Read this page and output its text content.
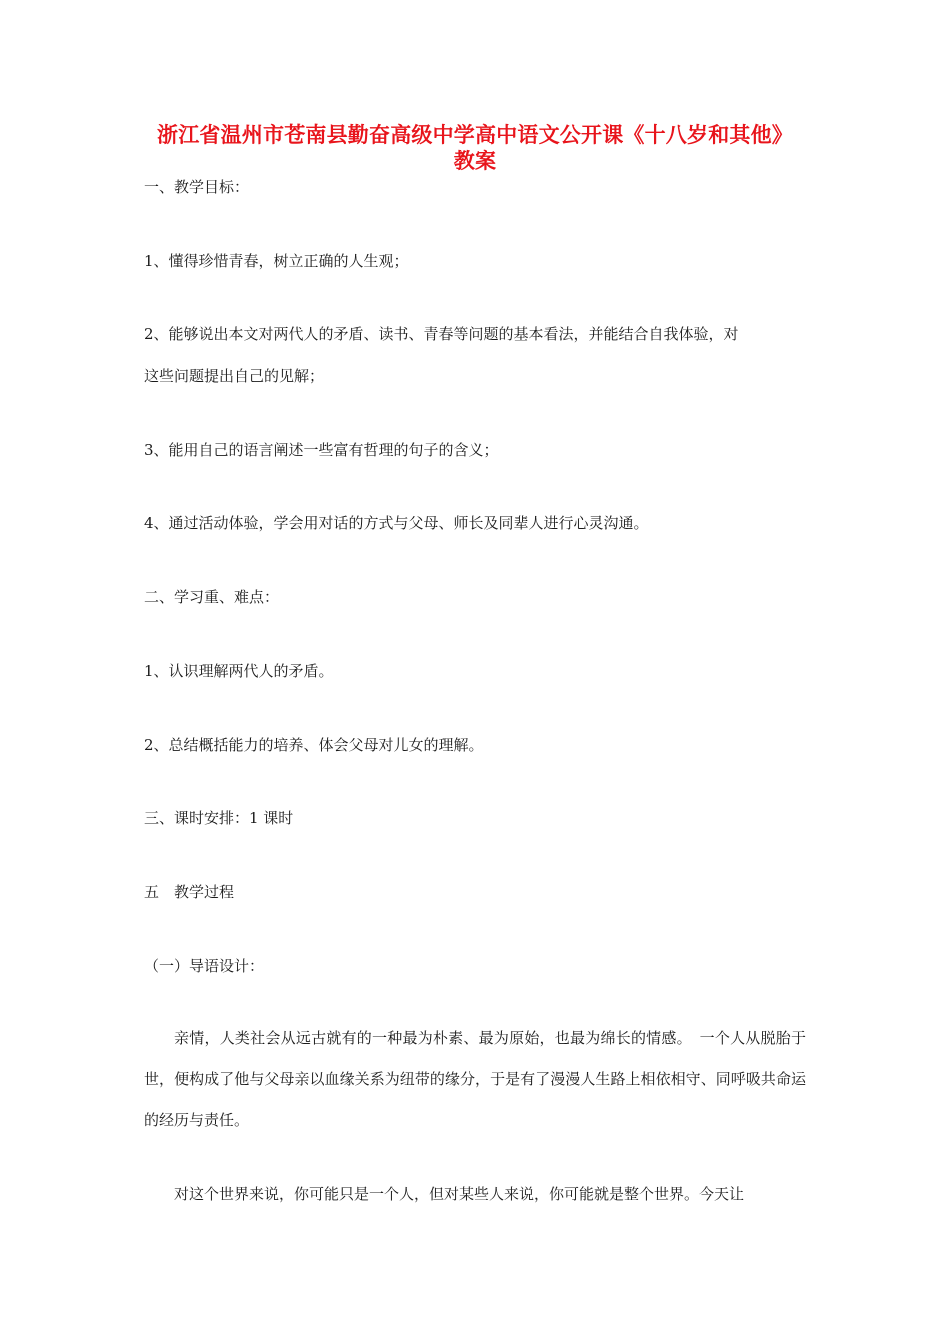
浙江省温州市苍南县勤奋高级中学高中语文公开课《十八岁和其他》教案
一、教学目标：
1、懂得珍惜青春，树立正确的人生观；
2、能够说出本文对两代人的矛盾、读书、青春等问题的基本看法，并能结合自我体验，对
这些问题提出自己的见解；
3、能用自己的语言阐述一些富有哲理的句子的含义；
4、通过活动体验，学会用对话的方式与父母、师长及同辈人进行心灵沟通。
二、学习重、难点：
1、认识理解两代人的矛盾。
2、总结概括能力的培养、体会父母对儿女的理解。
三、课时安排：1 课时
五　教学过程
（一）导语设计：
亲情，人类社会从远古就有的一种最为朴素、最为原始，也最为绵长的情感。　一个人从脱胎于世，便构成了他与父母亲以血缘关系为纽带的缘分，于是有了漫漫人生路上相依相守、同呼吸共命运的经历与责任。
对这个世界来说，你可能只是一个人，但对某些人来说，你可能就是整个世界。今天让
